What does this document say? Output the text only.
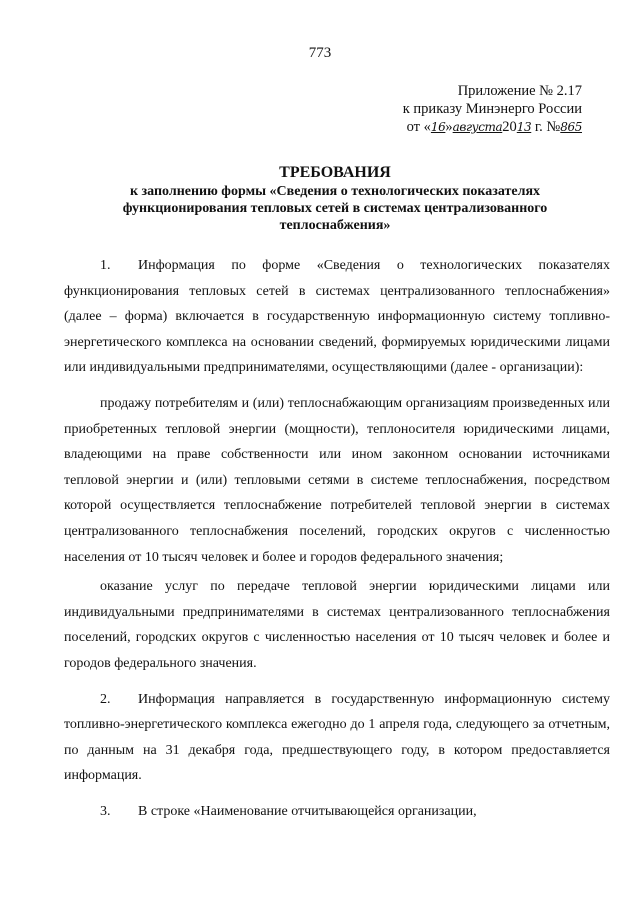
773
Приложение № 2.17
к приказу Минэнерго России
от «16»августа2013 г. №865
ТРЕБОВАНИЯ
к заполнению формы «Сведения о технологических показателях
функционирования тепловых сетей в системах централизованного
теплоснабжения»

1. Информация по форме «Сведения о технологических показателях функционирования тепловых сетей в системах централизованного теплоснабжения» (далее – форма) включается в государственную информационную систему топливно-энергетического комплекса на основании сведений, формируемых юридическими лицами или индивидуальными предпринимателями, осуществляющими (далее - организации):

продажу потребителям и (или) теплоснабжающим организациям произведенных или приобретенных тепловой энергии (мощности), теплоносителя юридическими лицами, владеющими на праве собственности или ином законном основании источниками тепловой энергии и (или) тепловыми сетями в системе теплоснабжения, посредством которой осуществляется теплоснабжение потребителей тепловой энергии в системах централизованного теплоснабжения поселений, городских округов с численностью населения от 10 тысяч человек и более и городов федерального значения;

оказание услуг по передаче тепловой энергии юридическими лицами или индивидуальными предпринимателями в системах централизованного теплоснабжения поселений, городских округов с численностью населения от 10 тысяч человек и более и городов федерального значения.

2. Информация направляется в государственную информационную систему топливно-энергетического комплекса ежегодно до 1 апреля года, следующего за отчетным, по данным на 31 декабря года, предшествующего году, в котором предоставляется информация.

3. В строке «Наименование отчитывающейся организации,
